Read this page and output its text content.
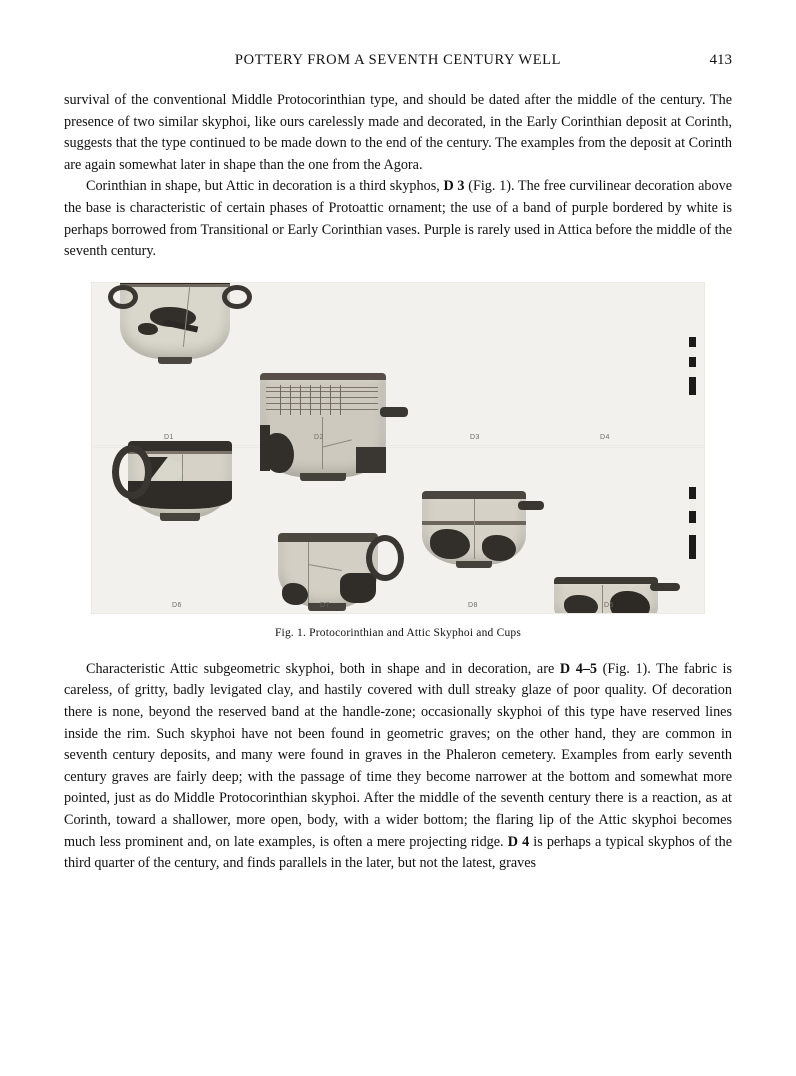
POTTERY FROM A SEVENTH CENTURY WELL	413

survival of the conventional Middle Protocorinthian type, and should be dated after the middle of the century. The presence of two similar skyphoi, like ours carelessly made and decorated, in the Early Corinthian deposit at Corinth, suggests that the type continued to be made down to the end of the century. The examples from the deposit at Corinth are again somewhat later in shape than the one from the Agora.

Corinthian in shape, but Attic in decoration is a third skyphos, D 3 (Fig. 1). The free curvilinear decoration above the base is characteristic of certain phases of Protoattic ornament; the use of a band of purple bordered by white is perhaps borrowed from Transitional or Early Corinthian vases. Purple is rarely used in Attica before the middle of the seventh century.

D1	D2	D3	D4
D6	D7	D8	D5
Fig. 1. Protocorinthian and Attic Skyphoi and Cups

Characteristic Attic subgeometric skyphoi, both in shape and in decoration, are D 4–5 (Fig. 1). The fabric is careless, of gritty, badly levigated clay, and hastily covered with dull streaky glaze of poor quality. Of decoration there is none, beyond the reserved band at the handle-zone; occasionally skyphoi of this type have reserved lines inside the rim. Such skyphoi have not been found in geometric graves; on the other hand, they are common in seventh century deposits, and many were found in graves in the Phaleron cemetery. Examples from early seventh century graves are fairly deep; with the passage of time they become narrower at the bottom and somewhat more pointed, just as do Middle Protocorinthian skyphoi. After the middle of the seventh century there is a reaction, as at Corinth, toward a shallower, more open, body, with a wider bottom; the flaring lip of the Attic skyphoi becomes much less prominent and, on late examples, is often a mere projecting ridge. D 4 is perhaps a typical skyphos of the third quarter of the century, and finds parallels in the later, but not the latest, graves
